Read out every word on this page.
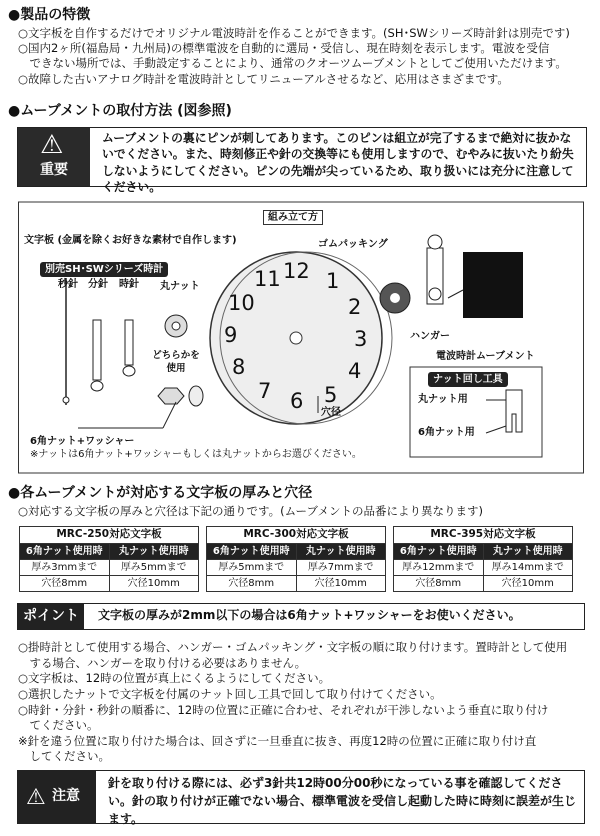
●製品の特徴

○文字板を自作するだけでオリジナル電波時計を作ることができます。(SH･SWシリーズ時計針は別売です)

○国内2ヶ所(福島局・九州局)の標準電波を自動的に選局・受信し、現在時刻を表示します。電波を受信

　できない場所では、手動設定することにより、通常のクオーツムーブメントとしてご使用いただけます。

○故障した古いアナログ時計を電波時計としてリニューアルさせるなど、応用はさまざまです。

●ムーブメントの取付方法 (図参照)
⚠
重要
ムーブメントの裏にピンが刺してあります。このピンは組立が完了するまで絶対に抜かないでください。また、時刻修正や針の交換等にも使用しますので、むやみに抜いたり紛失しないようにしてください。ピンの先端が尖っているため、取り扱いには充分に注意してください。
組み立て方
文字板 (金属を除くお好きな素材で自作します)
別売SH･SWシリーズ時計
秒針 分針 時針 丸ナット
どちらかを使用
6角ナット+ワッシャー
※ナットは6角ナット+ワッシャーもしくは丸ナットからお選びください。
ゴムパッキング
ハンガー
電波時計ムーブメント
穴径
ナット回し工具
丸ナット用
6角ナット用
12 1
2
3
4
5
6
7
8
9
10
11
●各ムーブメントが対応する文字板の厚みと穴径
○対応する文字板の厚みと穴径は下記の通りです。(ムーブメントの品番により異なります)
MRC-250対応文字板
6角ナット使用時	丸ナット使用時
厚み3mmまで	厚み5mmまで
穴径8mm	穴径10mm
MRC-300対応文字板
6角ナット使用時	丸ナット使用時
厚み5mmまで	厚み7mmまで
穴径8mm	穴径10mm
MRC-395対応文字板
6角ナット使用時	丸ナット使用時
厚み12mmまで	厚み14mmまで
穴径8mm	穴径10mm
ポイント	文字板の厚みが2mm以下の場合は6角ナット+ワッシャーをお使いください。

○掛時計として使用する場合、ハンガー・ゴムパッキング・文字板の順に取り付けます。置時計として使用

　する場合、ハンガーを取り付ける必要はありません。

○文字板は、12時の位置が真上にくるようにしてください。

○選択したナットで文字板を付属のナット回し工具で回して取り付けてください。

○時針・分針・秒針の順番に、12時の位置に正確に合わせ、それぞれが干渉しないよう垂直に取り付け

　てください。

※針を違う位置に取り付けた場合は、回さずに一旦垂直に抜き、再度12時の位置に正確に取り付け直

　してください。

⚠ 注意
針を取り付ける際には、必ず3針共12時00分00秒になっている事を確認してください。針の取り付けが正確でない場合、標準電波を受信し起動した時に時刻に誤差が生じます。
